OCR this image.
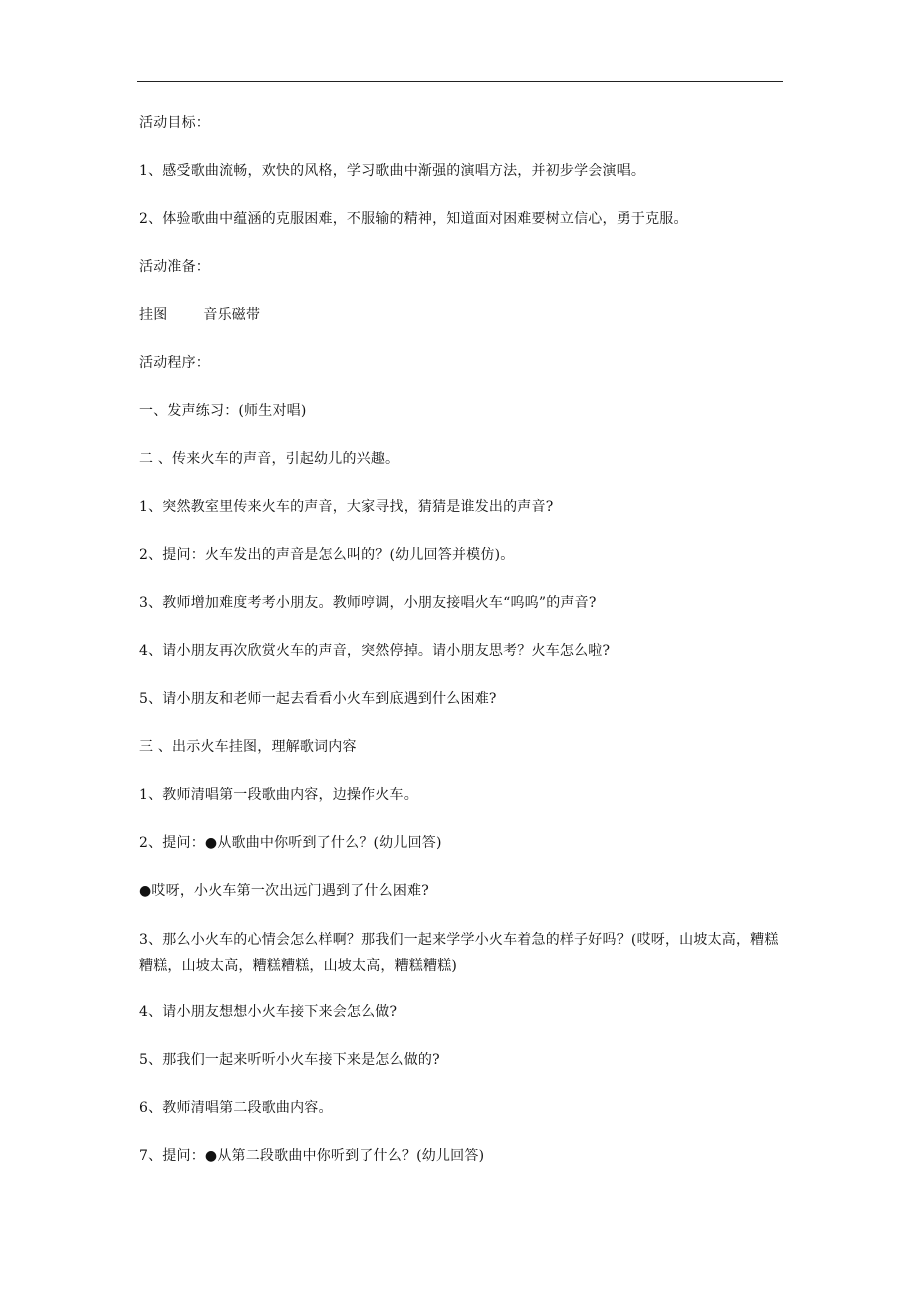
活动目标：
1、感受歌曲流畅，欢快的风格，学习歌曲中渐强的演唱方法，并初步学会演唱。
2、体验歌曲中蕴涵的克服困难，不服输的精神，知道面对困难要树立信心，勇于克服。
活动准备：
挂图	音乐磁带
活动程序：
一、发声练习：(师生对唱)
二 、传来火车的声音，引起幼儿的兴趣。
1、突然教室里传来火车的声音，大家寻找，猜猜是谁发出的声音?
2、提问：火车发出的声音是怎么叫的？(幼儿回答并模仿)。
3、教师增加难度考考小朋友。教师哼调，小朋友接唱火车“呜呜”的声音?
4、请小朋友再次欣赏火车的声音，突然停掉。请小朋友思考？火车怎么啦?
5、请小朋友和老师一起去看看小火车到底遇到什么困难?
三 、出示火车挂图，理解歌词内容
1、教师清唱第一段歌曲内容，边操作火车。
2、提问：●从歌曲中你听到了什么？(幼儿回答)
●哎呀，小火车第一次出远门遇到了什么困难?
3、那么小火车的心情会怎么样啊？那我们一起来学学小火车着急的样子好吗？(哎呀，山坡太高，糟糕糟糕，山坡太高，糟糕糟糕，山坡太高，糟糕糟糕)
4、请小朋友想想小火车接下来会怎么做?
5、那我们一起来听听小火车接下来是怎么做的?
6、教师清唱第二段歌曲内容。
7、提问：●从第二段歌曲中你听到了什么？(幼儿回答)
